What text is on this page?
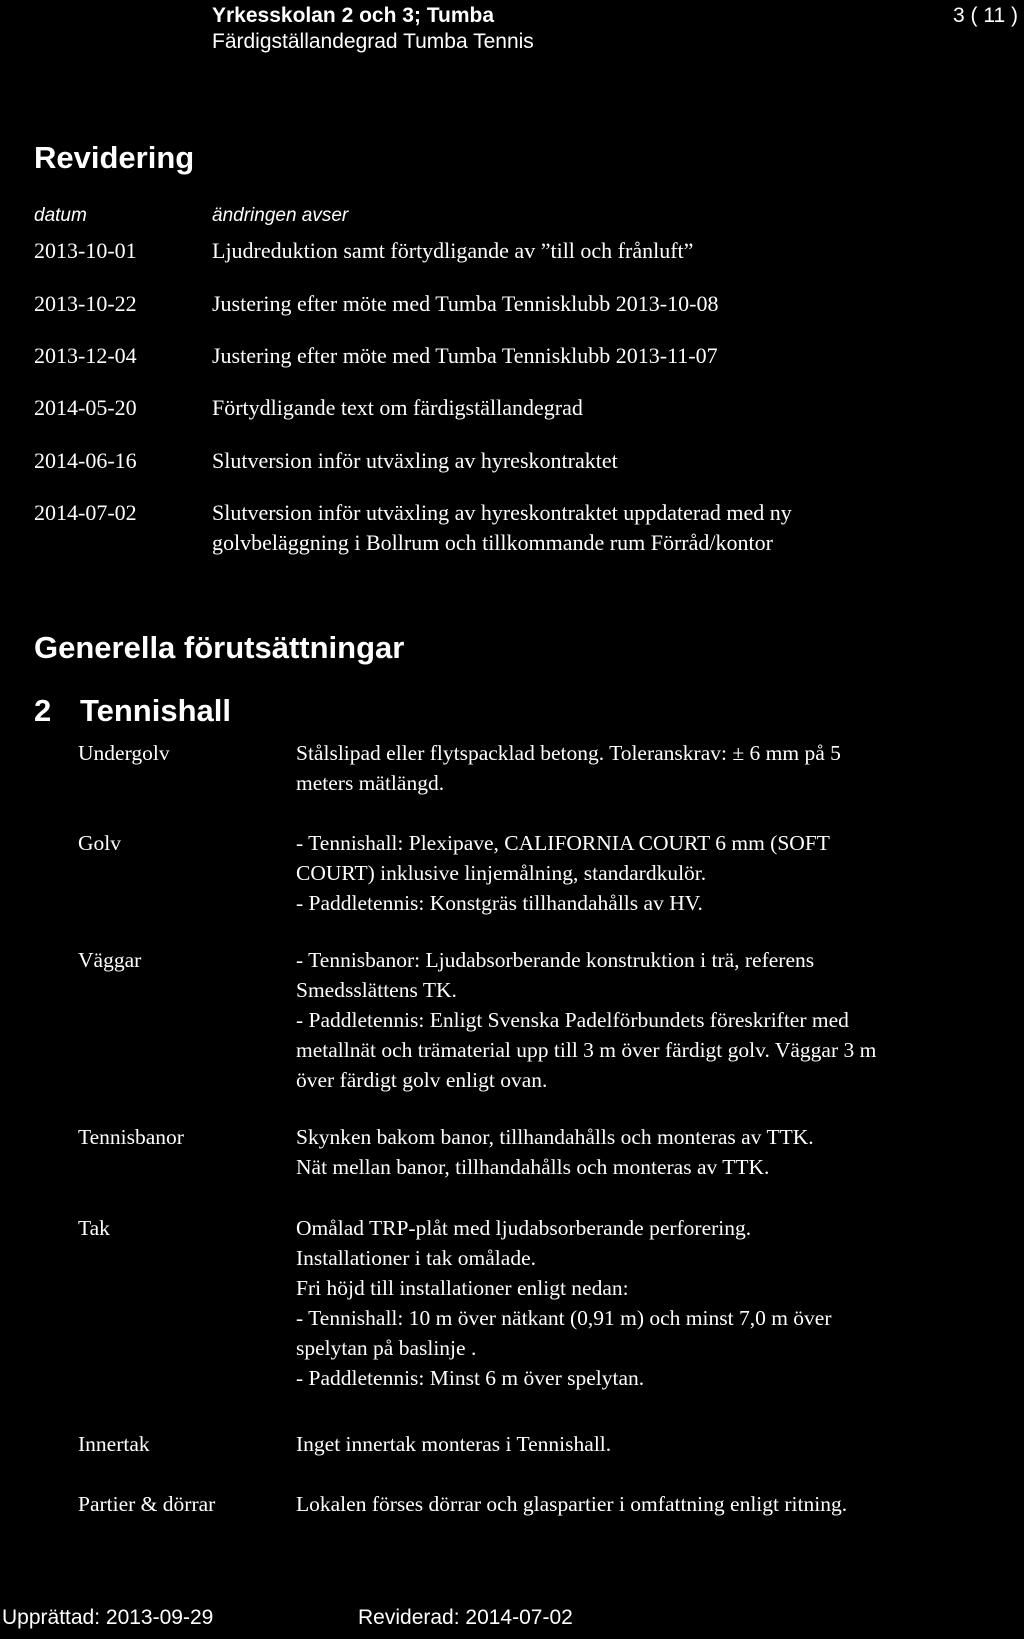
Yrkesskolan 2 och 3; Tumba
Färdigställandegrad Tumba Tennis
3 ( 11 )
Revidering
datum	ändringen avser
2013-10-01	Ljudreduktion samt förtydligande av ”till och frånluft”
2013-10-22	Justering efter möte med Tumba Tennisklubb 2013-10-08
2013-12-04	Justering efter möte med Tumba Tennisklubb 2013-11-07
2014-05-20	Förtydligande text om färdigställandegrad
2014-06-16	Slutversion inför utväxling av hyreskontraktet
2014-07-02	Slutversion inför utväxling av hyreskontraktet uppdaterad med ny
golvbeläggning i Bollrum och tillkommande rum Förråd/kontor
Generella förutsättningar
2 Tennishall
Undergolv	Stålslipad eller flytspacklad betong. Toleranskrav: ± 6 mm på 5
meters mätlängd.
Golv	- Tennishall: Plexipave, CALIFORNIA COURT 6 mm (SOFT
COURT) inklusive linjemålning, standardkulör.
- Paddletennis: Konstgräs tillhandahålls av HV.
Väggar	- Tennisbanor: Ljudabsorberande konstruktion i trä, referens
Smedsslättens TK.
- Paddletennis: Enligt Svenska Padelförbundets föreskrifter med
metallnät och trämaterial upp till 3 m över färdigt golv. Väggar 3 m
över färdigt golv enligt ovan.
Tennisbanor	Skynken bakom banor, tillhandahålls och monteras av TTK.
Nät mellan banor, tillhandahålls och monteras av TTK.
Tak	Omålad TRP-plåt med ljudabsorberande perforering.
Installationer i tak omålade.
Fri höjd till installationer enligt nedan:
- Tennishall: 10 m över nätkant (0,91 m) och minst 7,0 m över
spelytan på baslinje .
- Paddletennis: Minst 6 m över spelytan.
Innertak	Inget innertak monteras i Tennishall.
Partier & dörrar	Lokalen förses dörrar och glaspartier i omfattning enligt ritning.
Upprättad: 2013-09-29	Reviderad: 2014-07-02
